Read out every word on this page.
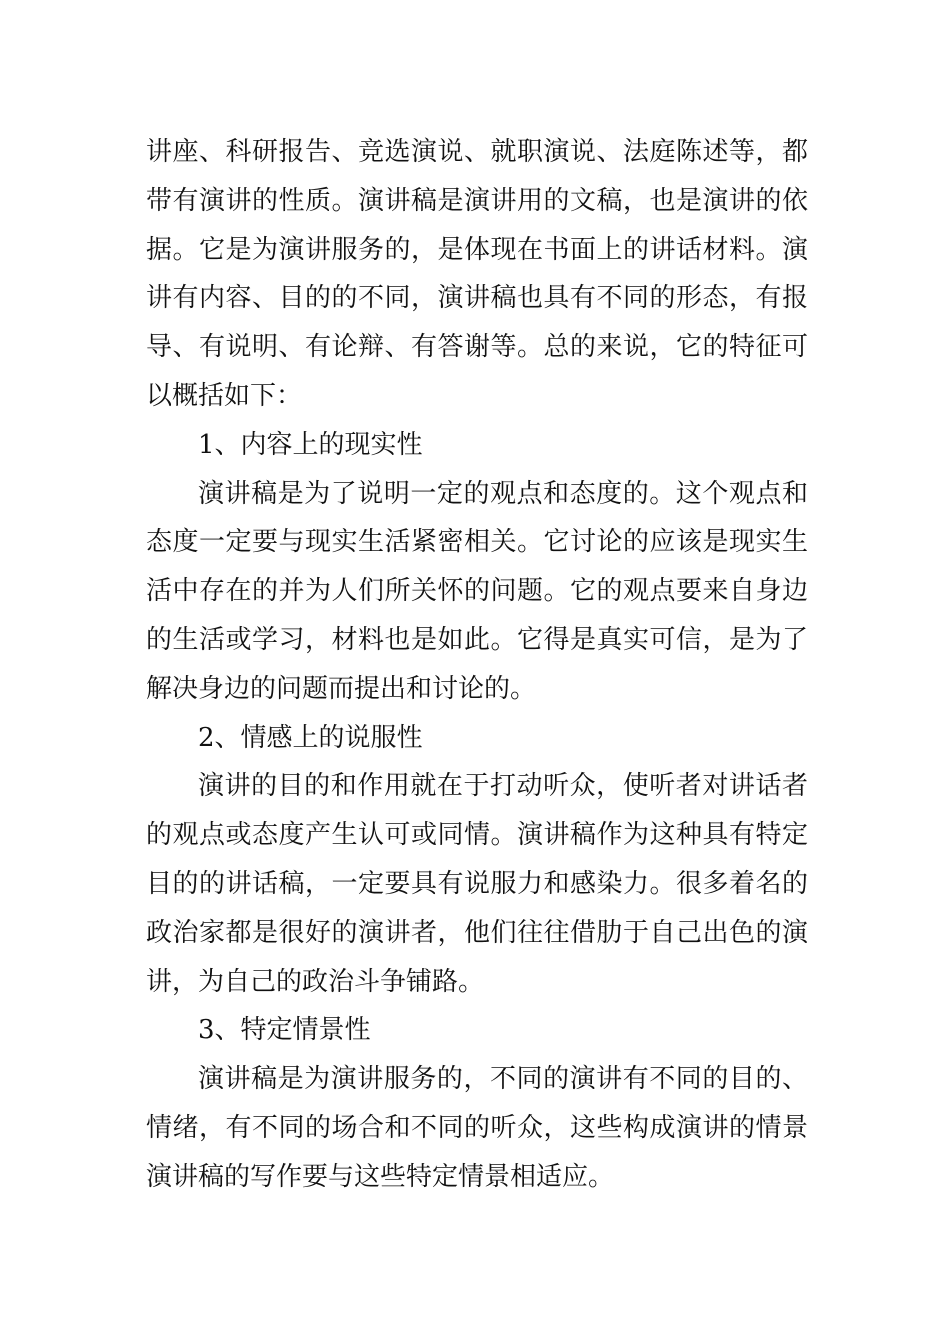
讲座、科研报告、竞选演说、就职演说、法庭陈述等，都带有演讲的性质。演讲稿是演讲用的文稿，也是演讲的依据。它是为演讲服务的，是体现在书面上的讲话材料。演讲有内容、目的的不同，演讲稿也具有不同的形态，有报导、有说明、有论辩、有答谢等。总的来说，它的特征可以概括如下：

1、内容上的现实性

演讲稿是为了说明一定的观点和态度的。这个观点和态度一定要与现实生活紧密相关。它讨论的应该是现实生活中存在的并为人们所关怀的问题。它的观点要来自身边的生活或学习，材料也是如此。它得是真实可信，是为了解决身边的问题而提出和讨论的。

2、情感上的说服性

演讲的目的和作用就在于打动听众，使听者对讲话者的观点或态度产生认可或同情。演讲稿作为这种具有特定目的的讲话稿，一定要具有说服力和感染力。很多着名的政治家都是很好的演讲者，他们往往借肋于自己出色的演讲，为自己的政治斗争铺路。

3、特定情景性

演讲稿是为演讲服务的，不同的演讲有不同的目的、情绪，有不同的场合和不同的听众，这些构成演讲的情景演讲稿的写作要与这些特定情景相适应。
